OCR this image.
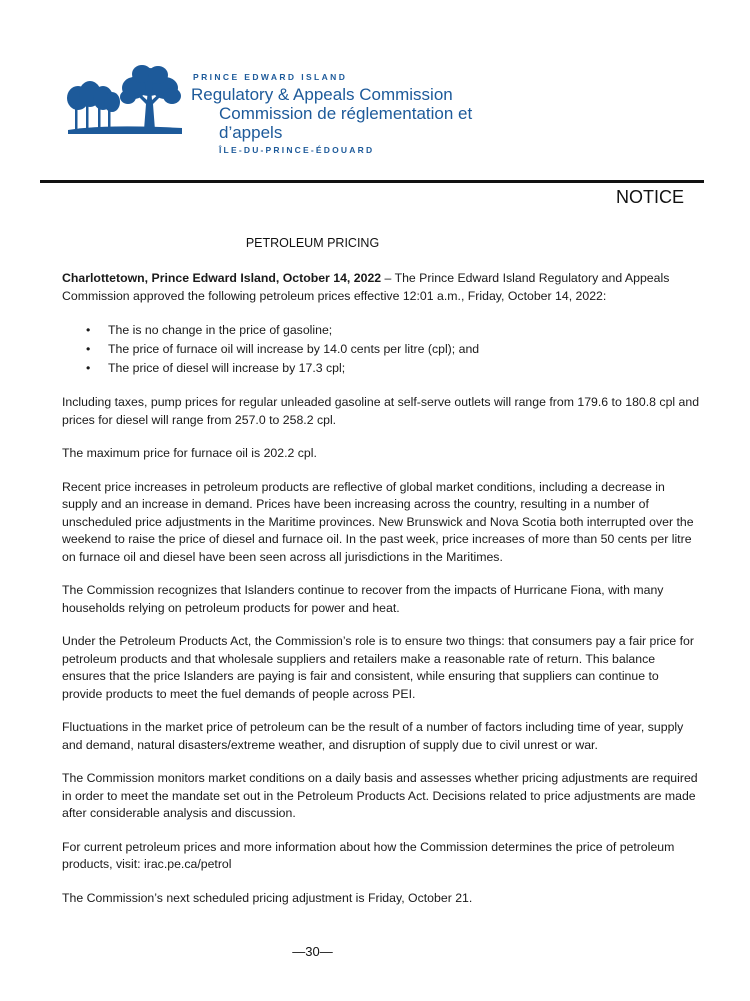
PRINCE EDWARD ISLAND
Regulatory & Appeals Commission
Commission de réglementation et d’appels
ÎLE-DU-PRINCE-ÉDOUARD
NOTICE
PETROLEUM PRICING

Charlottetown, Prince Edward Island, October 14, 2022 – The Prince Edward Island Regulatory and Appeals Commission approved the following petroleum prices effective 12:01 a.m., Friday, October 14, 2022:

• The is no change in the price of gasoline;
• The price of furnace oil will increase by 14.0 cents per litre (cpl); and
• The price of diesel will increase by 17.3 cpl;

Including taxes, pump prices for regular unleaded gasoline at self-serve outlets will range from 179.6 to 180.8 cpl and prices for diesel will range from 257.0 to 258.2 cpl.

The maximum price for furnace oil is 202.2 cpl.

Recent price increases in petroleum products are reflective of global market conditions, including a decrease in supply and an increase in demand. Prices have been increasing across the country, resulting in a number of unscheduled price adjustments in the Maritime provinces. New Brunswick and Nova Scotia both interrupted over the weekend to raise the price of diesel and furnace oil. In the past week, price increases of more than 50 cents per litre on furnace oil and diesel have been seen across all jurisdictions in the Maritimes.

The Commission recognizes that Islanders continue to recover from the impacts of Hurricane Fiona, with many households relying on petroleum products for power and heat.

Under the Petroleum Products Act, the Commission’s role is to ensure two things: that consumers pay a fair price for petroleum products and that wholesale suppliers and retailers make a reasonable rate of return. This balance ensures that the price Islanders are paying is fair and consistent, while ensuring that suppliers can continue to provide products to meet the fuel demands of people across PEI.

Fluctuations in the market price of petroleum can be the result of a number of factors including time of year, supply and demand, natural disasters/extreme weather, and disruption of supply due to civil unrest or war.

The Commission monitors market conditions on a daily basis and assesses whether pricing adjustments are required in order to meet the mandate set out in the Petroleum Products Act. Decisions related to price adjustments are made after considerable analysis and discussion.

For current petroleum prices and more information about how the Commission determines the price of petroleum products, visit: irac.pe.ca/petrol

The Commission’s next scheduled pricing adjustment is Friday, October 21.

—30—
